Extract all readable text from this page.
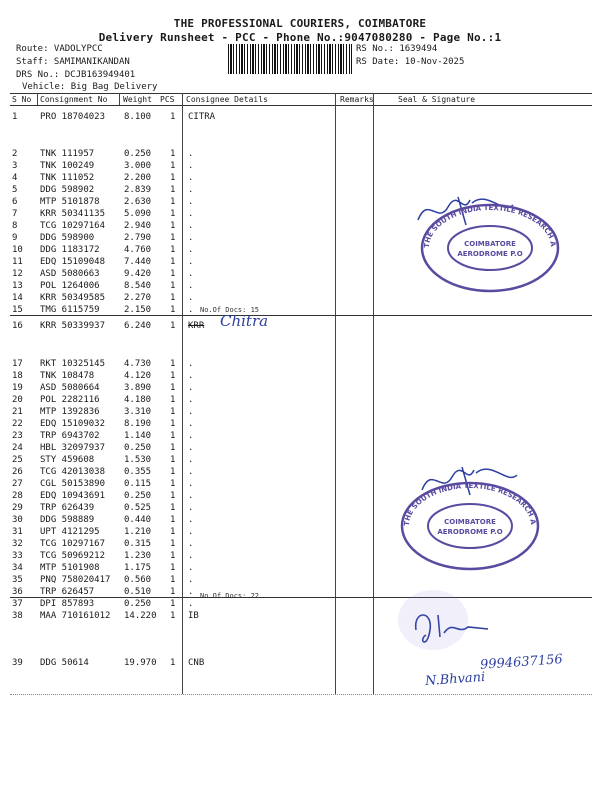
THE PROFESSIONAL COURIERS, COIMBATORE
Delivery Runsheet - PCC - Phone No.:9047080280 - Page No.:1
Route: VADOLYPCC
Staff: SAMIMANIKANDAN
DRS No.: DCJB163949401
Vehicle: Big Bag Delivery
RS No.: 1639494
RS Date: 10-Nov-2025
S No Consignment No Weight PCS Consignee Details	Remarks	Seal & Signature
1	PRO 18704023 8.100 1 CITRA
2	TNK 111957	0.250 1 .
3	TNK 100249	3.000 1 .
4	TNK 111052	2.200 1 .
5	DDG 598902	2.839 1 .
6	MTP 5101878	2.630 1 .
7	KRR 50341135 5.090 1 .
8	TCG 10297164 2.940 1 .
9	DDG 598900	2.790 1 .
10 DDG 1183172	4.760 1 .
11 EDQ 15109048 7.440 1 .
12 ASD 5080663	9.420 1 .
13 POL 1264006	8.540 1 .
14 KRR 50349585 2.270 1 .
15 TMG 6115759	2.150 1 . No.Of Docs: 15
16 KRR 50339937 6.240 1 KRR
17 RKT 10325145 4.730 1 .
18 TNK 108478	4.120 1 .
19 ASD 5080664	3.890 1 .
20 POL 2282116	4.180 1 .
21 MTP 1392836	3.310 1 .
22 EDQ 15109032 8.190 1 .
23 TRP 6943702	1.140 1 .
24 HBL 32097937 0.250 1 .
25 STY 459608	1.530 1 .
26 TCG 42013038 0.355 1 .
27 CGL 50153890 0.115 1 .
28 EDQ 10943691 0.250 1 .
29 TRP 626439	0.525 1 .
30 DDG 598889	0.440 1 .
31 UPT 4121295	1.210 1 .
32 TCG 10297167 0.315 1 .
33 TCG 50969212 1.230 1 .
34 MTP 5101908	1.175 1 .
35 PNQ 758020417 0.560 1 .
36 TRP 626457	0.510 1 .
37 DPI 857893	0.250 1 .
No.Of Docs: 22
38 MAA 710161012 14.220 1 IB
39 DDG 50614	19.970 1 CNB
Chitra
9994637156
N.Bhvani
THE SOUTH INDIA TEXTILE RESEARCH A
COIMBATORE
AERODROME P.O
THE SOUTH INDIA TEXTILE RESEARCH A
COIMBATORE
AERODROME P.O
